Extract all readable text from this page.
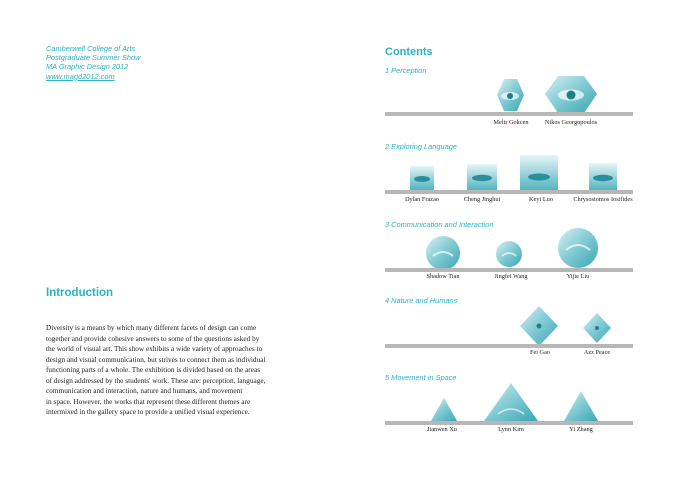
Camberwell College of Arts
Postgraduate Summer Show
MA Graphic Design 2012
www.magd2012.com
Introduction
Diversity is a means by which many different facets of design can come
together and provide cohesive answers to some of the questions asked by
the world of visual art. This show exhibits a wide variety of approaches to
design and visual communication, but strives to connect them as individual
functioning parts of a whole. The exhibition is divided based on the areas
of design addressed by the students' work. These are: perception, language,
communication and interaction, nature and humans, and movement
in space. However, the works that represent these different themes are
intermixed in the gallery space to provide a unified visual experience.
Contents
1 Perception
2 Exploring Language
3 Communication and Interaction
4 Nature and Humans
5 Movement in Space
Meltr Gokcen	Nikos Georgopoulos
Dylan Frazao	Cheng Jinghui	Keyi Luo	Chrysostomos Iosifides
Shadow Tian	Jingfei Wang	Yijie Liu
Fei Gao	Azz Peace
Jianwen Xu	Lynn Kim	Yi Zhang
